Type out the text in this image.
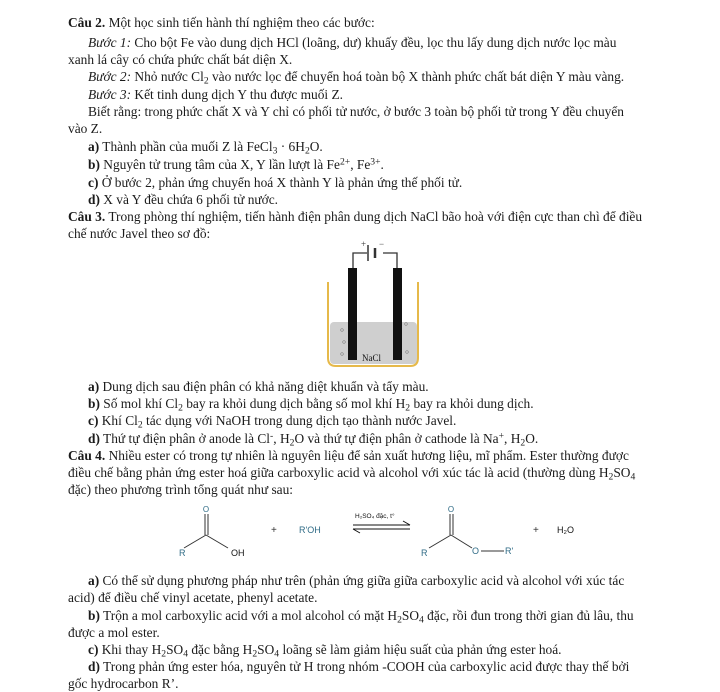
Câu 2. Một học sinh tiến hành thí nghiệm theo các bước:
Bước 1: Cho bột Fe vào dung dịch HCl (loãng, dư) khuấy đều, lọc thu lấy dung dịch nước lọc màu
xanh lá cây có chứa phức chất bát diện X.
Bước 2: Nhỏ nước $Cl_2$ vào nước lọc để chuyển hoá toàn bộ X thành phức chất bát diện Y màu vàng.
Bước 3: Kết tinh dung dịch Y thu được muối Z.
Biết rằng: trong phức chất X và Y chỉ có phối tử nước, ở bước 3 toàn bộ phối tử trong Y đều chuyển
vào Z.
a) Thành phần của muối Z là FeCl$_3$ · $6H_2O$.
b) Nguyên tử trung tâm của X, Y lần lượt là $Fe^{2+}$, $Fe^{3+}$.
c) Ở bước 2, phản ứng chuyển hoá X thành Y là phản ứng thế phối tử.
d) X và Y đều chứa 6 phối tử nước.
Câu 3. Trong phòng thí nghiệm, tiến hành điện phân dung dịch NaCl bão hoà với điện cực than chì để điều
chế nước Javel theo sơ đồ:
+ −
NaCl
a) Dung dịch sau điện phân có khả năng diệt khuẩn và tẩy màu.
b) Số mol khí $Cl_2$ bay ra khỏi dung dịch bằng số mol khí $H_2$ bay ra khỏi dung dịch.
c) Khí $Cl_2$ tác dụng với NaOH trong dung dịch tạo thành nước Javel.
d) Thứ tự điện phân ở anode là Cl-, $H_2O$ và thứ tự điện phân ở cathode là Na+, $H_2O$.
Câu 4. Nhiều ester có trong tự nhiên là nguyên liệu để sản xuất hương liệu, mĩ phẩm. Ester thường được
điều chế bằng phản ứng ester hoá giữa carboxylic acid và alcohol với xúc tác là acid (thường dùng $H_2SO_4$
đặc) theo phương trình tổng quát như sau:
O
R	OH
+ R'OH
H₂SO₄ đặc, t°
O
R	O	R'
+ H₂O
a) Có thể sử dụng phương pháp như trên (phản ứng giữa giữa carboxylic acid và alcohol với xúc tác
acid) để điều chế vinyl acetate, phenyl acetate.
b) Trộn a mol carboxylic acid với a mol alcohol có mặt $H_2SO_4$ đặc, rồi đun trong thời gian đủ lâu, thu
được a mol ester.
c) Khi thay $H_2SO_4$ đặc bằng $H_2SO_4$ loãng sẽ làm giảm hiệu suất của phản ứng ester hoá.
d) Trong phản ứng ester hóa, nguyên tử H trong nhóm -COOH của carboxylic acid được thay thế bởi
gốc hydrocarbon R’.
